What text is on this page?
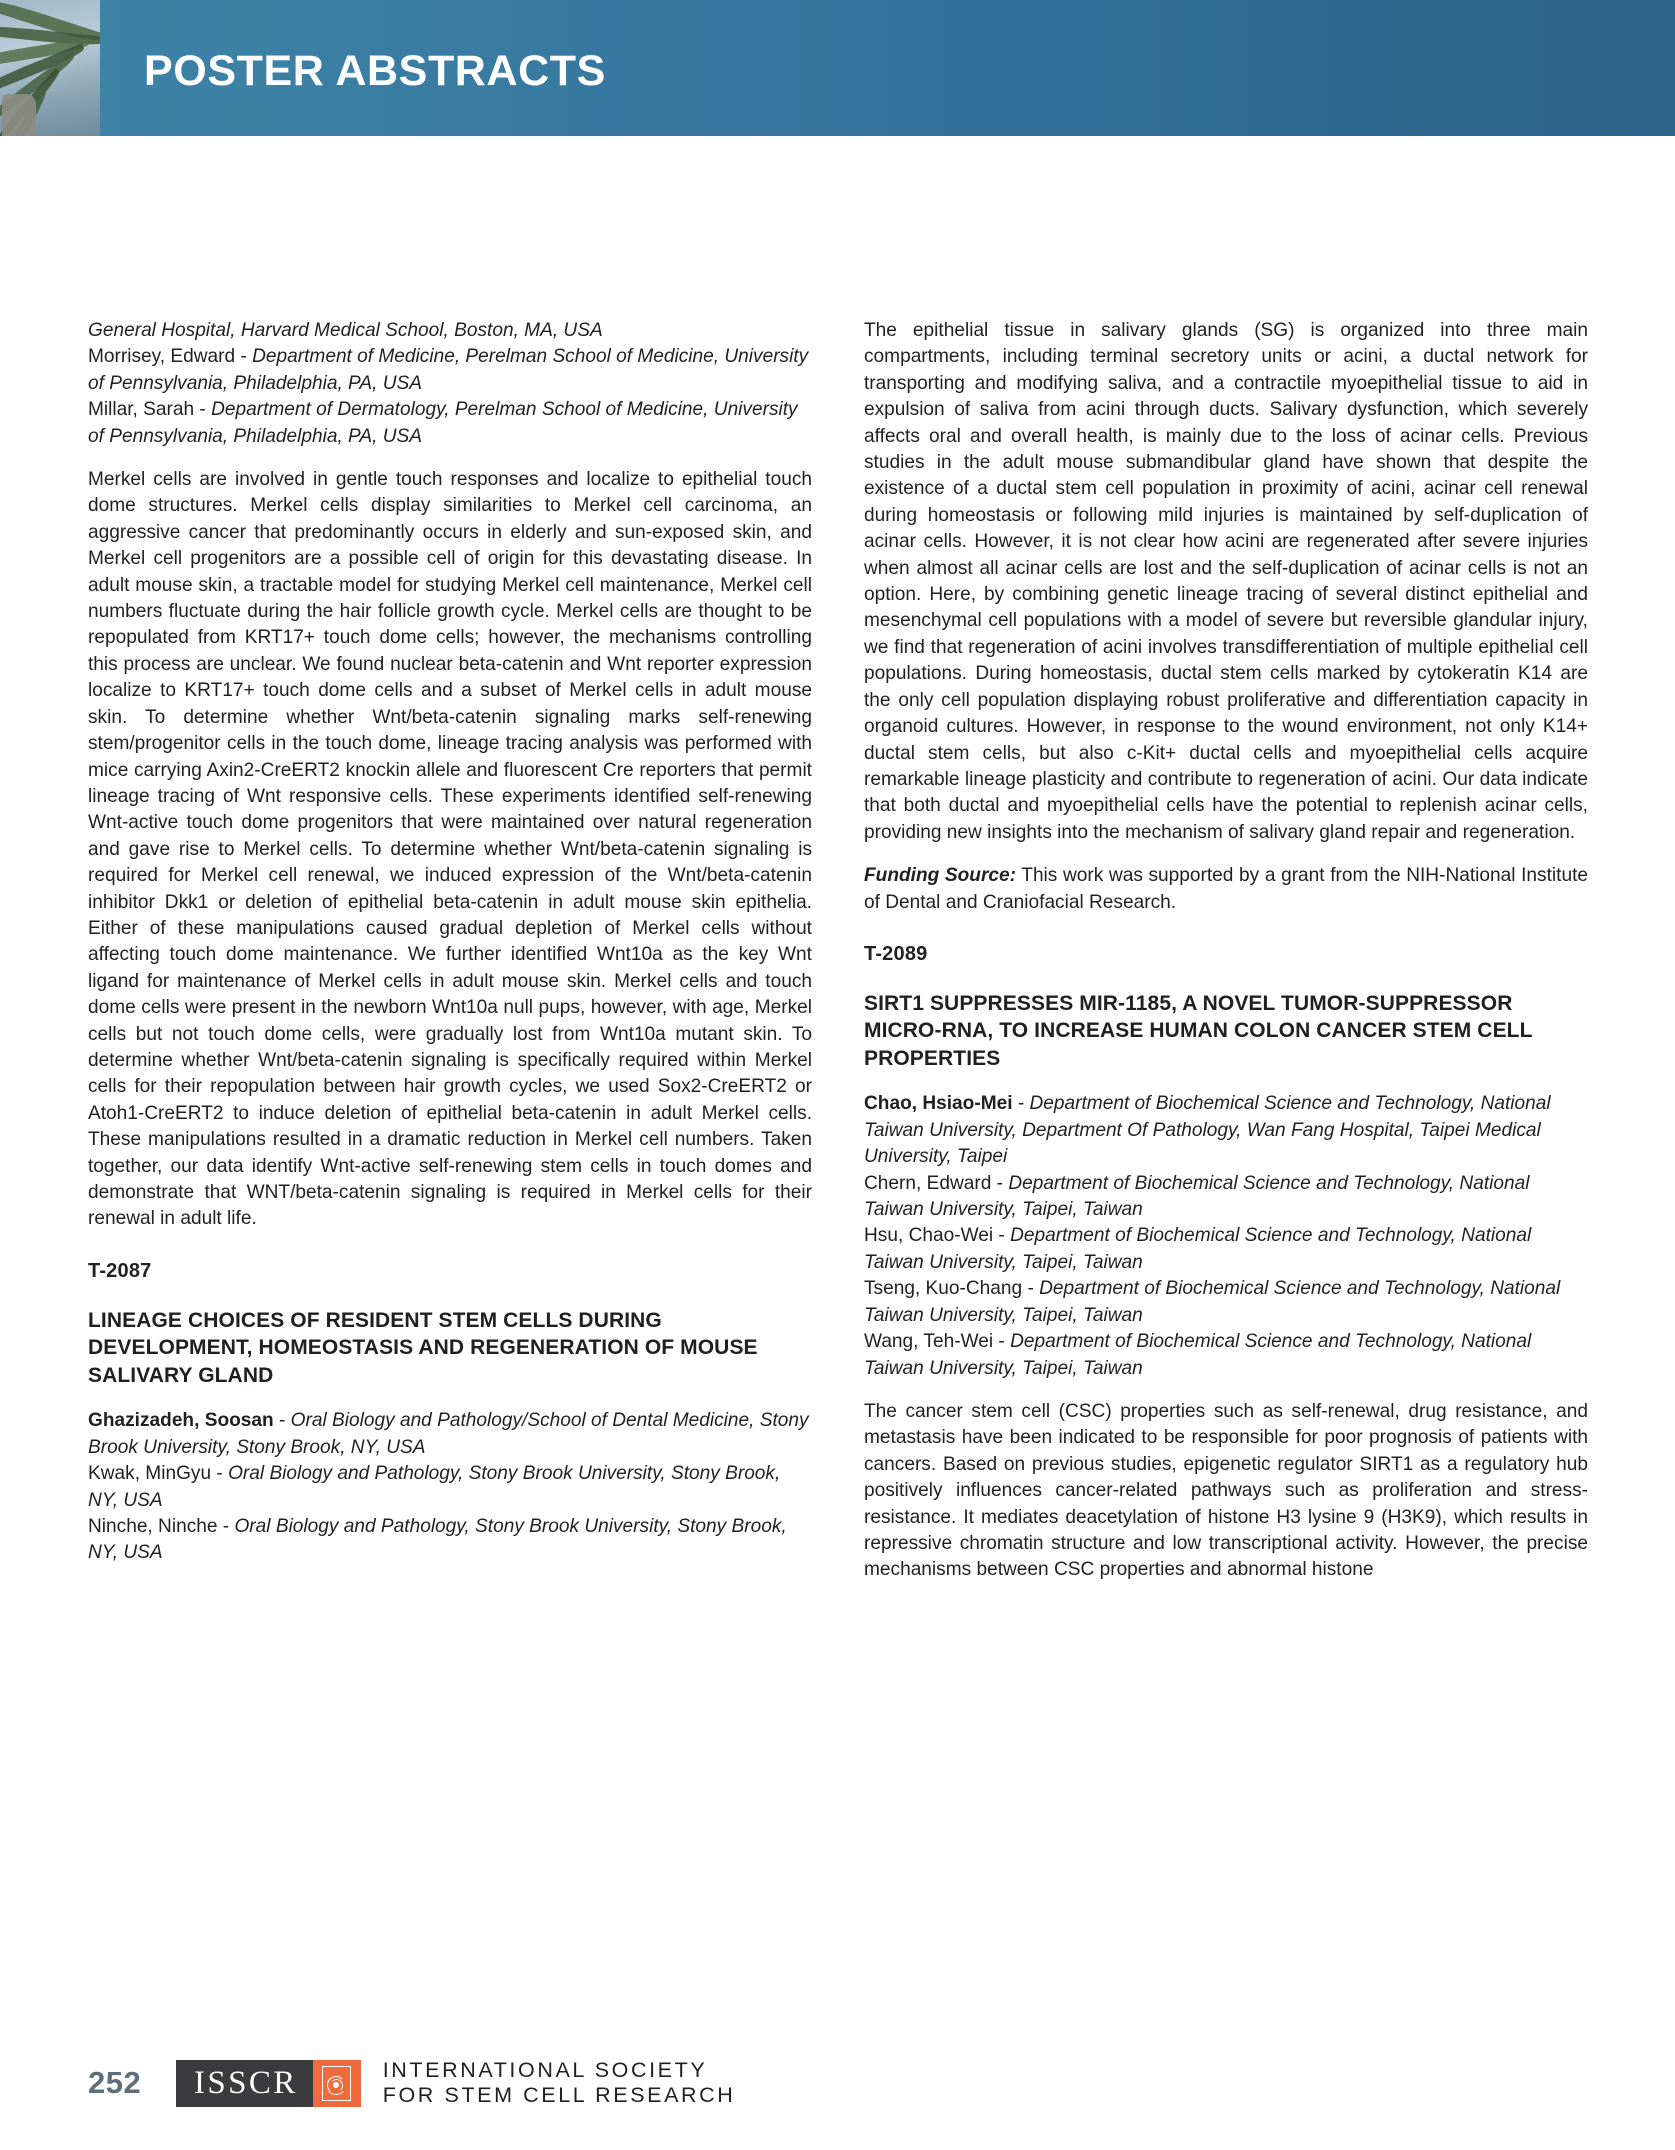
POSTER ABSTRACTS
General Hospital, Harvard Medical School, Boston, MA, USA
Morrisey, Edward - Department of Medicine, Perelman School of Medicine, University of Pennsylvania, Philadelphia, PA, USA
Millar, Sarah - Department of Dermatology, Perelman School of Medicine, University of Pennsylvania, Philadelphia, PA, USA

Merkel cells are involved in gentle touch responses and localize to epithelial touch dome structures. Merkel cells display similarities to Merkel cell carcinoma, an aggressive cancer that predominantly occurs in elderly and sun-exposed skin, and Merkel cell progenitors are a possible cell of origin for this devastating disease. In adult mouse skin, a tractable model for studying Merkel cell maintenance, Merkel cell numbers fluctuate during the hair follicle growth cycle. Merkel cells are thought to be repopulated from KRT17+ touch dome cells; however, the mechanisms controlling this process are unclear. We found nuclear beta-catenin and Wnt reporter expression localize to KRT17+ touch dome cells and a subset of Merkel cells in adult mouse skin. To determine whether Wnt/beta-catenin signaling marks self-renewing stem/progenitor cells in the touch dome, lineage tracing analysis was performed with mice carrying Axin2-CreERT2 knockin allele and fluorescent Cre reporters that permit lineage tracing of Wnt responsive cells. These experiments identified self-renewing Wnt-active touch dome progenitors that were maintained over natural regeneration and gave rise to Merkel cells. To determine whether Wnt/beta-catenin signaling is required for Merkel cell renewal, we induced expression of the Wnt/beta-catenin inhibitor Dkk1 or deletion of epithelial beta-catenin in adult mouse skin epithelia. Either of these manipulations caused gradual depletion of Merkel cells without affecting touch dome maintenance. We further identified Wnt10a as the key Wnt ligand for maintenance of Merkel cells in adult mouse skin. Merkel cells and touch dome cells were present in the newborn Wnt10a null pups, however, with age, Merkel cells but not touch dome cells, were gradually lost from Wnt10a mutant skin. To determine whether Wnt/beta-catenin signaling is specifically required within Merkel cells for their repopulation between hair growth cycles, we used Sox2-CreERT2 or Atoh1-CreERT2 to induce deletion of epithelial beta-catenin in adult Merkel cells. These manipulations resulted in a dramatic reduction in Merkel cell numbers. Taken together, our data identify Wnt-active self-renewing stem cells in touch domes and demonstrate that WNT/beta-catenin signaling is required in Merkel cells for their renewal in adult life.

T-2087
LINEAGE CHOICES OF RESIDENT STEM CELLS DURING DEVELOPMENT, HOMEOSTASIS AND REGENERATION OF MOUSE SALIVARY GLAND
Ghazizadeh, Soosan - Oral Biology and Pathology/School of Dental Medicine, Stony Brook University, Stony Brook, NY, USA
Kwak, MinGyu - Oral Biology and Pathology, Stony Brook University, Stony Brook, NY, USA
Ninche, Ninche - Oral Biology and Pathology, Stony Brook University, Stony Brook, NY, USA

The epithelial tissue in salivary glands (SG) is organized into three main compartments, including terminal secretory units or acini, a ductal network for transporting and modifying saliva, and a contractile myoepithelial tissue to aid in expulsion of saliva from acini through ducts. Salivary dysfunction, which severely affects oral and overall health, is mainly due to the loss of acinar cells. Previous studies in the adult mouse submandibular gland have shown that despite the existence of a ductal stem cell population in proximity of acini, acinar cell renewal during homeostasis or following mild injuries is maintained by self-duplication of acinar cells. However, it is not clear how acini are regenerated after severe injuries when almost all acinar cells are lost and the self-duplication of acinar cells is not an option. Here, by combining genetic lineage tracing of several distinct epithelial and mesenchymal cell populations with a model of severe but reversible glandular injury, we find that regeneration of acini involves transdifferentiation of multiple epithelial cell populations. During homeostasis, ductal stem cells marked by cytokeratin K14 are the only cell population displaying robust proliferative and differentiation capacity in organoid cultures. However, in response to the wound environment, not only K14+ ductal stem cells, but also c-Kit+ ductal cells and myoepithelial cells acquire remarkable lineage plasticity and contribute to regeneration of acini. Our data indicate that both ductal and myoepithelial cells have the potential to replenish acinar cells, providing new insights into the mechanism of salivary gland repair and regeneration.

Funding Source: This work was supported by a grant from the NIH-National Institute of Dental and Craniofacial Research.

T-2089
SIRT1 SUPPRESSES MIR-1185, A NOVEL TUMOR-SUPPRESSOR MICRO-RNA, TO INCREASE HUMAN COLON CANCER STEM CELL PROPERTIES
Chao, Hsiao-Mei - Department of Biochemical Science and Technology, National Taiwan University, Department Of Pathology, Wan Fang Hospital, Taipei Medical University, Taipei
Chern, Edward - Department of Biochemical Science and Technology, National Taiwan University, Taipei, Taiwan
Hsu, Chao-Wei - Department of Biochemical Science and Technology, National Taiwan University, Taipei, Taiwan
Tseng, Kuo-Chang - Department of Biochemical Science and Technology, National Taiwan University, Taipei, Taiwan
Wang, Teh-Wei - Department of Biochemical Science and Technology, National Taiwan University, Taipei, Taiwan

The cancer stem cell (CSC) properties such as self-renewal, drug resistance, and metastasis have been indicated to be responsible for poor prognosis of patients with cancers. Based on previous studies, epigenetic regulator SIRT1 as a regulatory hub positively influences cancer-related pathways such as proliferation and stress-resistance. It mediates deacetylation of histone H3 lysine 9 (H3K9), which results in repressive chromatin structure and low transcriptional activity. However, the precise mechanisms between CSC properties and abnormal histone

252	ISSCR	INTERNATIONAL SOCIETY
FOR STEM CELL RESEARCH
